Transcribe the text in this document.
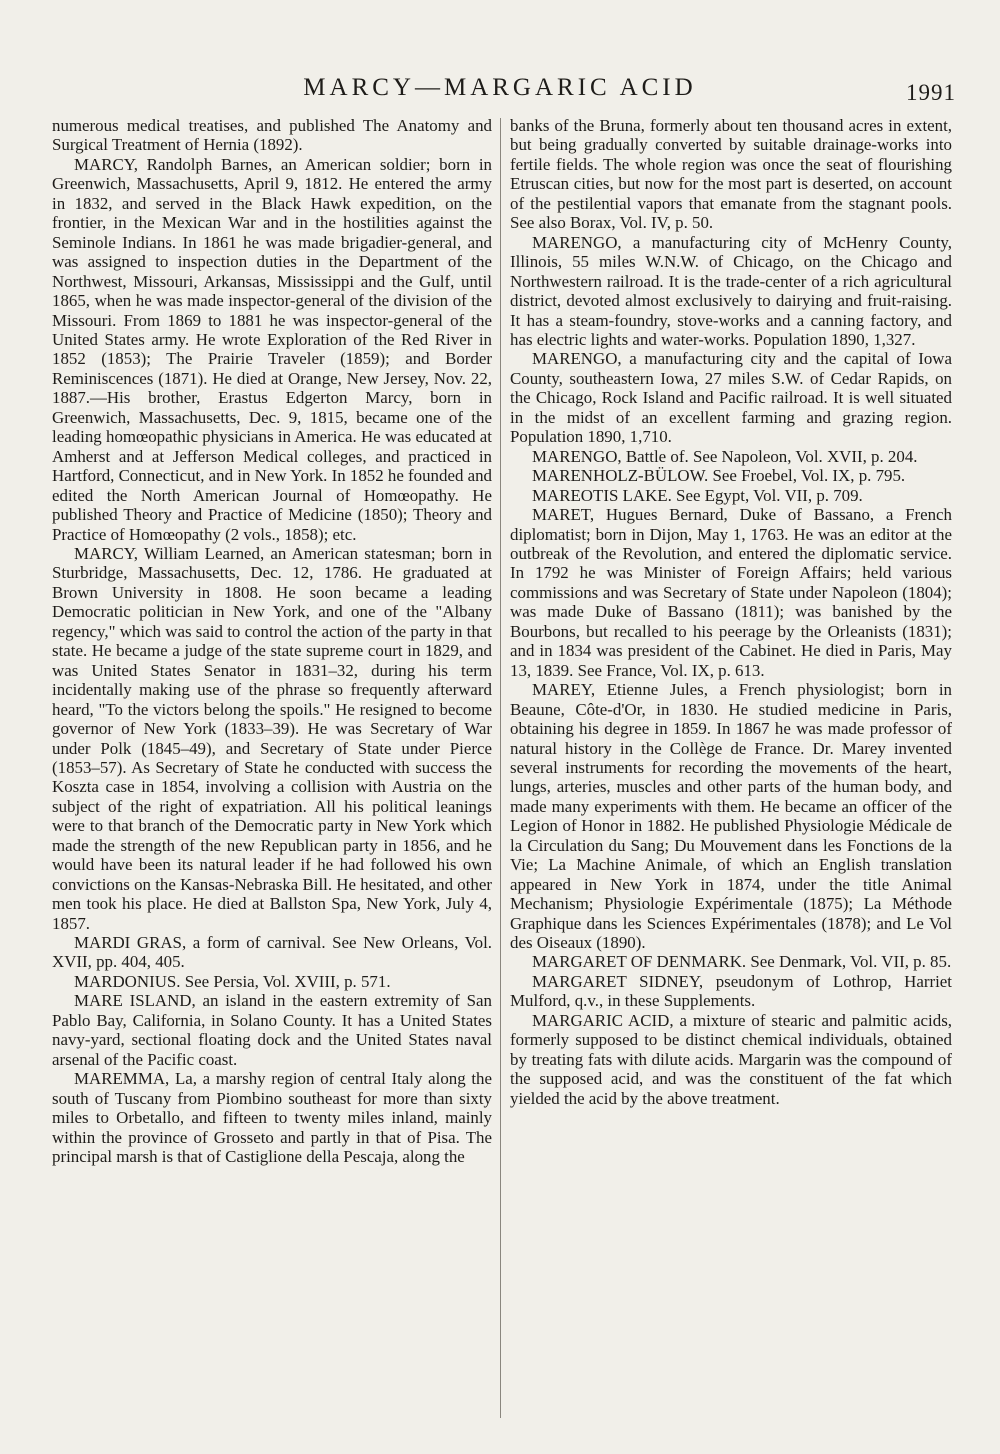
MARCY—MARGARIC ACID	1991

numerous medical treatises, and published The Anatomy and Surgical Treatment of Hernia (1892).

MARCY, Randolph Barnes, an American soldier; born in Greenwich, Massachusetts, April 9, 1812. He entered the army in 1832, and served in the Black Hawk expedition, on the frontier, in the Mexican War and in the hostilities against the Seminole Indians. In 1861 he was made brigadier-general, and was assigned to inspection duties in the Department of the Northwest, Missouri, Arkansas, Mississippi and the Gulf, until 1865, when he was made inspector-general of the division of the Missouri. From 1869 to 1881 he was inspector-general of the United States army. He wrote Exploration of the Red River in 1852 (1853); The Prairie Traveler (1859); and Border Reminiscences (1871). He died at Orange, New Jersey, Nov. 22, 1887.—His brother, Erastus Edgerton Marcy, born in Greenwich, Massachusetts, Dec. 9, 1815, became one of the leading homœopathic physicians in America. He was educated at Amherst and at Jefferson Medical colleges, and practiced in Hartford, Connecticut, and in New York. In 1852 he founded and edited the North American Journal of Homœopathy. He published Theory and Practice of Medicine (1850); Theory and Practice of Homœopathy (2 vols., 1858); etc.

MARCY, William Learned, an American statesman; born in Sturbridge, Massachusetts, Dec. 12, 1786. He graduated at Brown University in 1808. He soon became a leading Democratic politician in New York, and one of the "Albany regency," which was said to control the action of the party in that state. He became a judge of the state supreme court in 1829, and was United States Senator in 1831–32, during his term incidentally making use of the phrase so frequently afterward heard, "To the victors belong the spoils." He resigned to become governor of New York (1833–39). He was Secretary of War under Polk (1845–49), and Secretary of State under Pierce (1853–57). As Secretary of State he conducted with success the Koszta case in 1854, involving a collision with Austria on the subject of the right of expatriation. All his political leanings were to that branch of the Democratic party in New York which made the strength of the new Republican party in 1856, and he would have been its natural leader if he had followed his own convictions on the Kansas-Nebraska Bill. He hesitated, and other men took his place. He died at Ballston Spa, New York, July 4, 1857.

MARDI GRAS, a form of carnival. See New Orleans, Vol. XVII, pp. 404, 405.

MARDONIUS. See Persia, Vol. XVIII, p. 571.

MARE ISLAND, an island in the eastern extremity of San Pablo Bay, California, in Solano County. It has a United States navy-yard, sectional floating dock and the United States naval arsenal of the Pacific coast.

MAREMMA, La, a marshy region of central Italy along the south of Tuscany from Piombino southeast for more than sixty miles to Orbetallo, and fifteen to twenty miles inland, mainly within the province of Grosseto and partly in that of Pisa. The principal marsh is that of Castiglione della Pescaja, along the

banks of the Bruna, formerly about ten thousand acres in extent, but being gradually converted by suitable drainage-works into fertile fields. The whole region was once the seat of flourishing Etruscan cities, but now for the most part is deserted, on account of the pestilential vapors that emanate from the stagnant pools. See also Borax, Vol. IV, p. 50.

MARENGO, a manufacturing city of McHenry County, Illinois, 55 miles W.N.W. of Chicago, on the Chicago and Northwestern railroad. It is the trade-center of a rich agricultural district, devoted almost exclusively to dairying and fruit-raising. It has a steam-foundry, stove-works and a canning factory, and has electric lights and water-works. Population 1890, 1,327.

MARENGO, a manufacturing city and the capital of Iowa County, southeastern Iowa, 27 miles S.W. of Cedar Rapids, on the Chicago, Rock Island and Pacific railroad. It is well situated in the midst of an excellent farming and grazing region. Population 1890, 1,710.

MARENGO, Battle of. See Napoleon, Vol. XVII, p. 204.

MARENHOLZ-BÜLOW. See Froebel, Vol. IX, p. 795.

MAREOTIS LAKE. See Egypt, Vol. VII, p. 709.

MARET, Hugues Bernard, Duke of Bassano, a French diplomatist; born in Dijon, May 1, 1763. He was an editor at the outbreak of the Revolution, and entered the diplomatic service. In 1792 he was Minister of Foreign Affairs; held various commissions and was Secretary of State under Napoleon (1804); was made Duke of Bassano (1811); was banished by the Bourbons, but recalled to his peerage by the Orleanists (1831); and in 1834 was president of the Cabinet. He died in Paris, May 13, 1839. See France, Vol. IX, p. 613.

MAREY, Etienne Jules, a French physiologist; born in Beaune, Côte-d'Or, in 1830. He studied medicine in Paris, obtaining his degree in 1859. In 1867 he was made professor of natural history in the Collège de France. Dr. Marey invented several instruments for recording the movements of the heart, lungs, arteries, muscles and other parts of the human body, and made many experiments with them. He became an officer of the Legion of Honor in 1882. He published Physiologie Médicale de la Circulation du Sang; Du Mouvement dans les Fonctions de la Vie; La Machine Animale, of which an English translation appeared in New York in 1874, under the title Animal Mechanism; Physiologie Expérimentale (1875); La Méthode Graphique dans les Sciences Expérimentales (1878); and Le Vol des Oiseaux (1890).

MARGARET OF DENMARK. See Denmark, Vol. VII, p. 85.

MARGARET SIDNEY, pseudonym of Lothrop, Harriet Mulford, q.v., in these Supplements.

MARGARIC ACID, a mixture of stearic and palmitic acids, formerly supposed to be distinct chemical individuals, obtained by treating fats with dilute acids. Margarin was the compound of the supposed acid, and was the constituent of the fat which yielded the acid by the above treatment.
